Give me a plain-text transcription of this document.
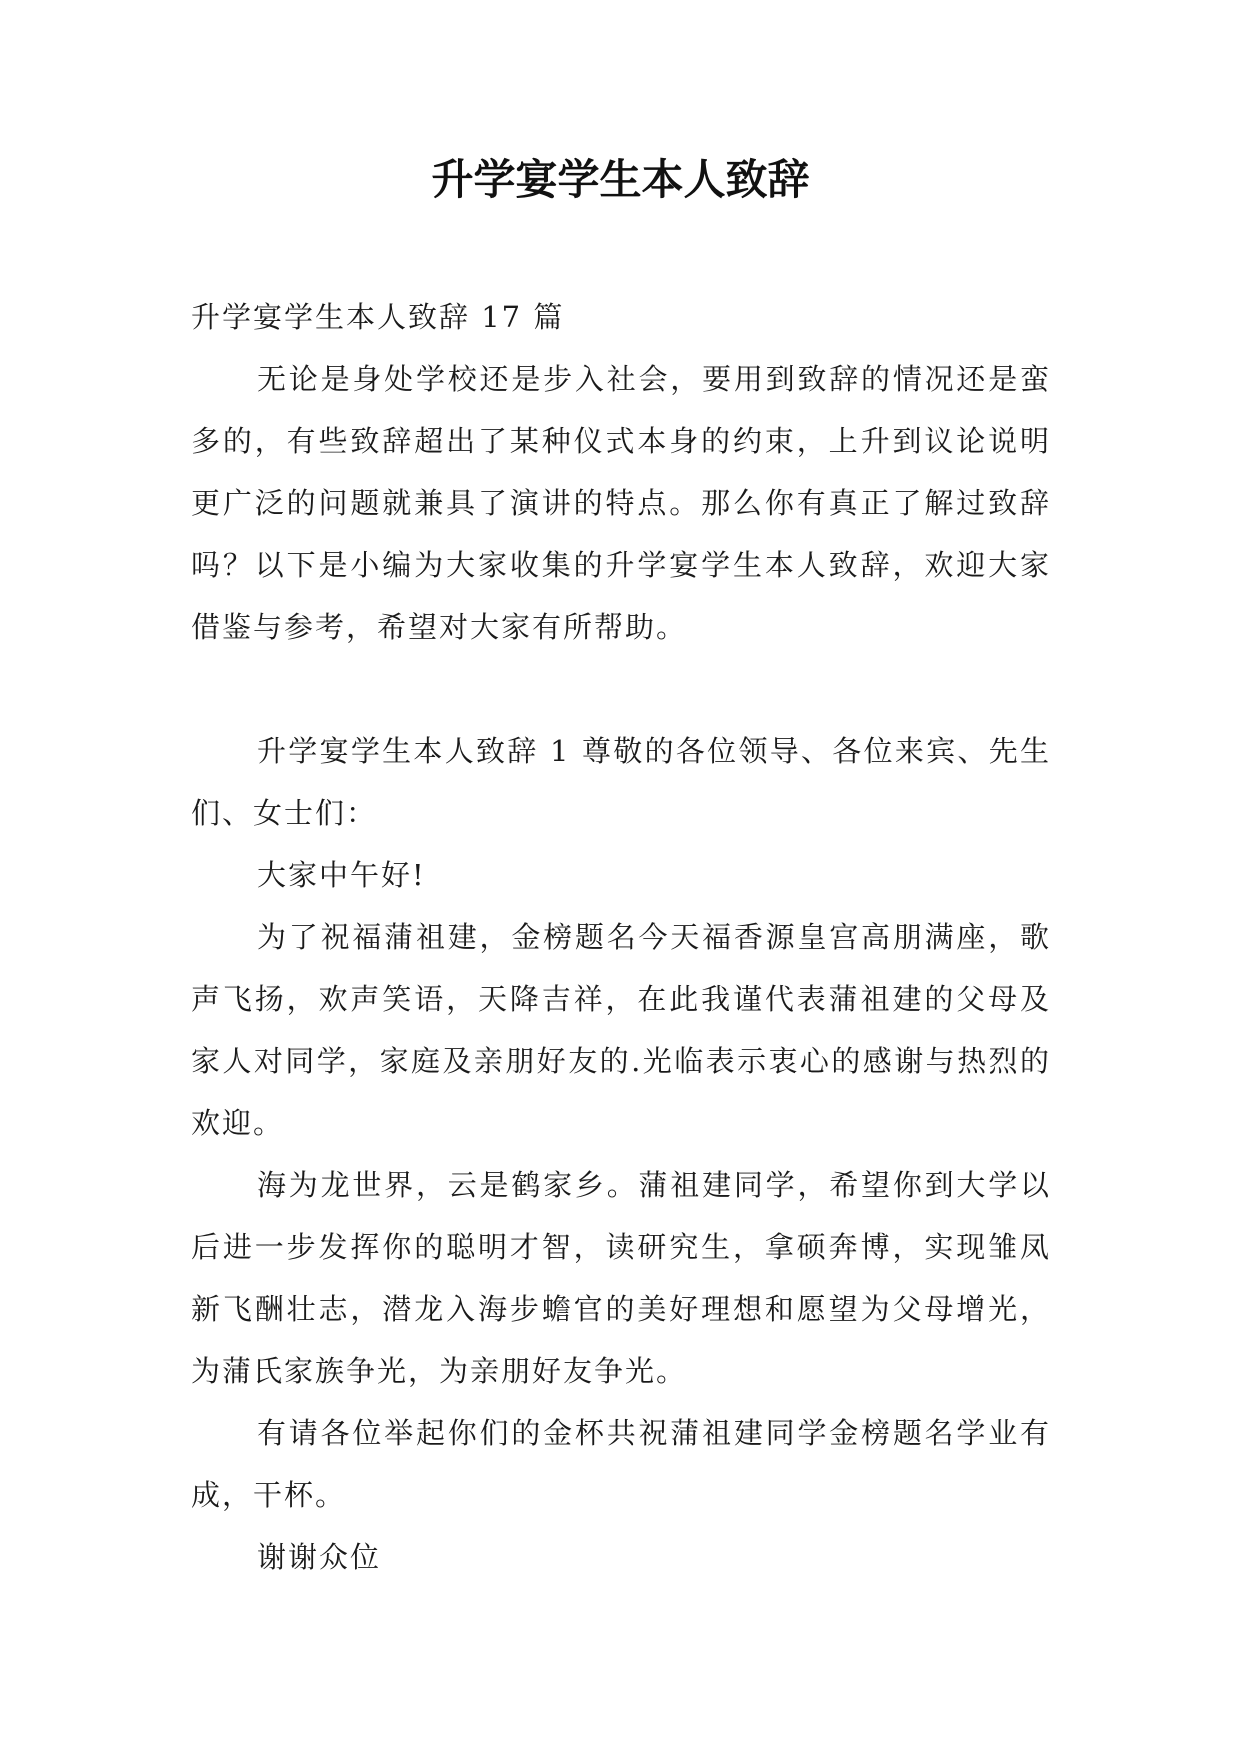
升学宴学生本人致辞

升学宴学生本人致辞 17 篇

无论是身处学校还是步入社会，要用到致辞的情况还是蛮多的，有些致辞超出了某种仪式本身的约束，上升到议论说明更广泛的问题就兼具了演讲的特点。那么你有真正了解过致辞吗？以下是小编为大家收集的升学宴学生本人致辞，欢迎大家借鉴与参考，希望对大家有所帮助。

升学宴学生本人致辞 1 尊敬的各位领导、各位来宾、先生们、女士们：

大家中午好!

为了祝福蒲祖建，金榜题名今天福香源皇宫高朋满座，歌声飞扬，欢声笑语，天降吉祥，在此我谨代表蒲祖建的父母及家人对同学，家庭及亲朋好友的.光临表示衷心的感谢与热烈的欢迎。

海为龙世界，云是鹤家乡。蒲祖建同学，希望你到大学以后进一步发挥你的聪明才智，读研究生，拿硕奔博，实现雏凤新飞酬壮志，潜龙入海步蟾官的美好理想和愿望为父母增光，为蒲氏家族争光，为亲朋好友争光。

有请各位举起你们的金杯共祝蒲祖建同学金榜题名学业有成，干杯。

谢谢众位
